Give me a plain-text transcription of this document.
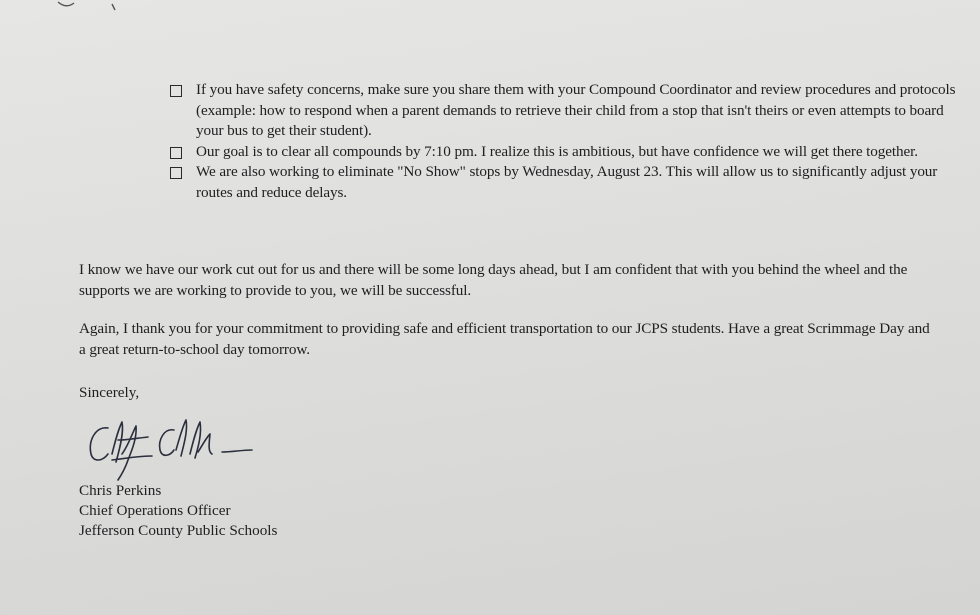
If you have safety concerns, make sure you share them with your Compound Coordinator and review procedures and protocols (example: how to respond when a parent demands to retrieve their child from a stop that isn't theirs or even attempts to board your bus to get their student).
Our goal is to clear all compounds by 7:10 pm. I realize this is ambitious, but have confidence we will get there together.
We are also working to eliminate "No Show" stops by Wednesday, August 23. This will allow us to significantly adjust your routes and reduce delays.
I know we have our work cut out for us and there will be some long days ahead, but I am confident that with you behind the wheel and the supports we are working to provide to you, we will be successful.
Again, I thank you for your commitment to providing safe and efficient transportation to our JCPS students. Have a great Scrimmage Day and a great return-to-school day tomorrow.
Sincerely,
Chris Perkins
Chief Operations Officer
Jefferson County Public Schools
